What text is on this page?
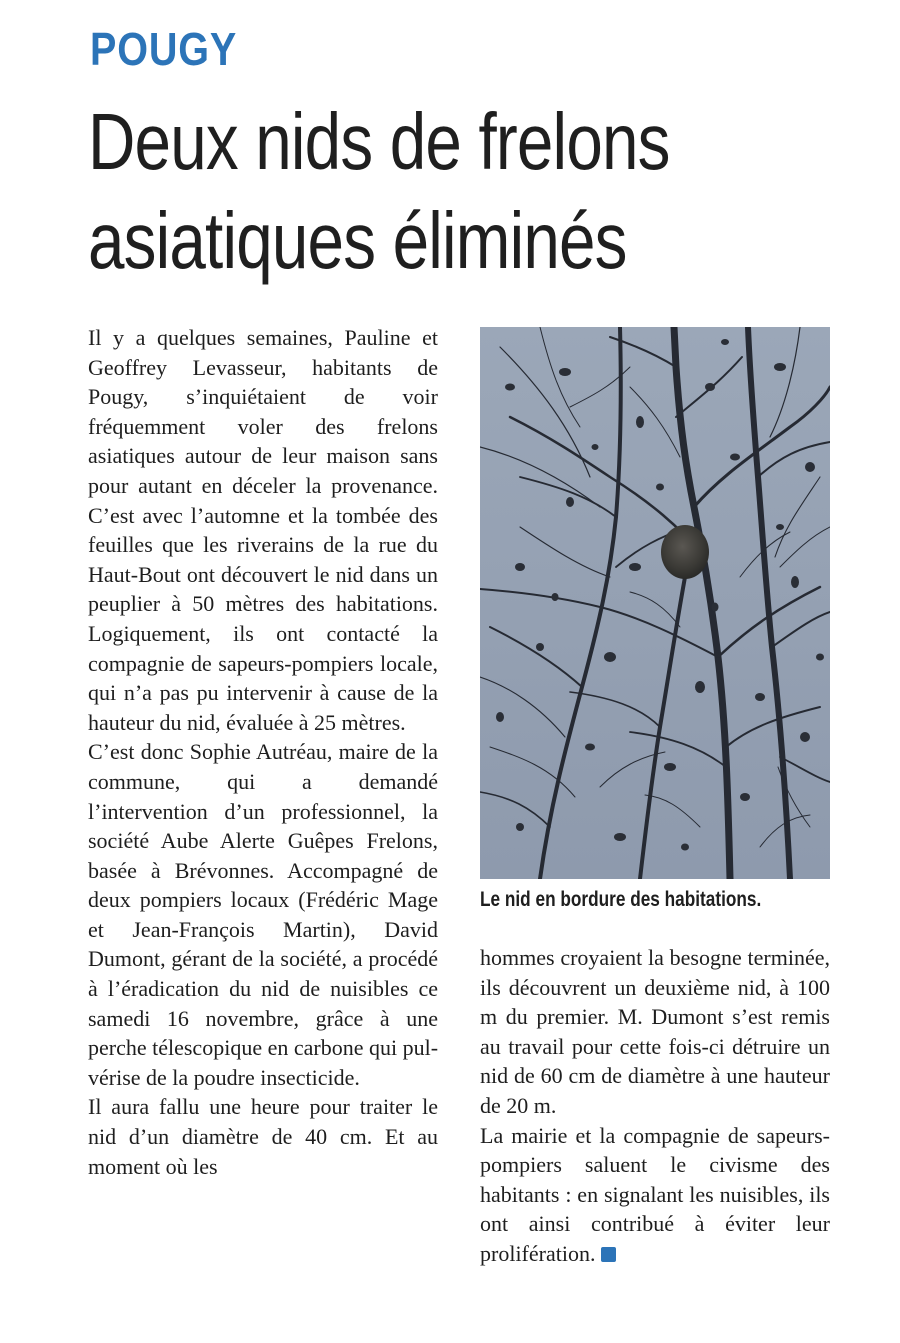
POUGY
Deux nids de frelons
asiatiques éliminés

Il y a quelques semaines, Pauline et Geoffrey Levasseur, habitants de Pougy, s’inquiétaient de voir fréquemment voler des frelons asiatiques autour de leur maison sans pour autant en déceler la provenance. C’est avec l’automne et la tombée des feuilles que les riverains de la rue du Haut-Bout ont découvert le nid dans un peuplier à 50 mètres des habitations. Logiquement, ils ont contacté la compagnie de sapeurs-pompiers locale, qui n’a pas pu intervenir à cause de la hauteur du nid, évaluée à 25 mètres.

C’est donc Sophie Autréau, maire de la commune, qui a demandé l’intervention d’un professionnel, la société Aube Alerte Guêpes Frelons, basée à Brévonnes. Accompagné de deux pompiers locaux (Frédéric Mage et Jean-François Martin), David Dumont, gérant de la société, a procédé à l’éradication du nid de nuisibles ce samedi 16 novembre, grâce à une perche télescopique en carbone qui pulvérise de la poudre insecticide.

Il aura fallu une heure pour traiter le nid d’un diamètre de 40 cm. Et au moment où les

Le nid en bordure des habitations.

hommes croyaient la besogne terminée, ils découvrent un deuxième nid, à 100 m du premier. M. Dumont s’est remis au travail pour cette fois-ci détruire un nid de 60 cm de diamètre à une hauteur de 20 m.

La mairie et la compagnie de sapeurs-pompiers saluent le civisme des habitants : en signalant les nuisibles, ils ont ainsi contribué à éviter leur prolifération.
